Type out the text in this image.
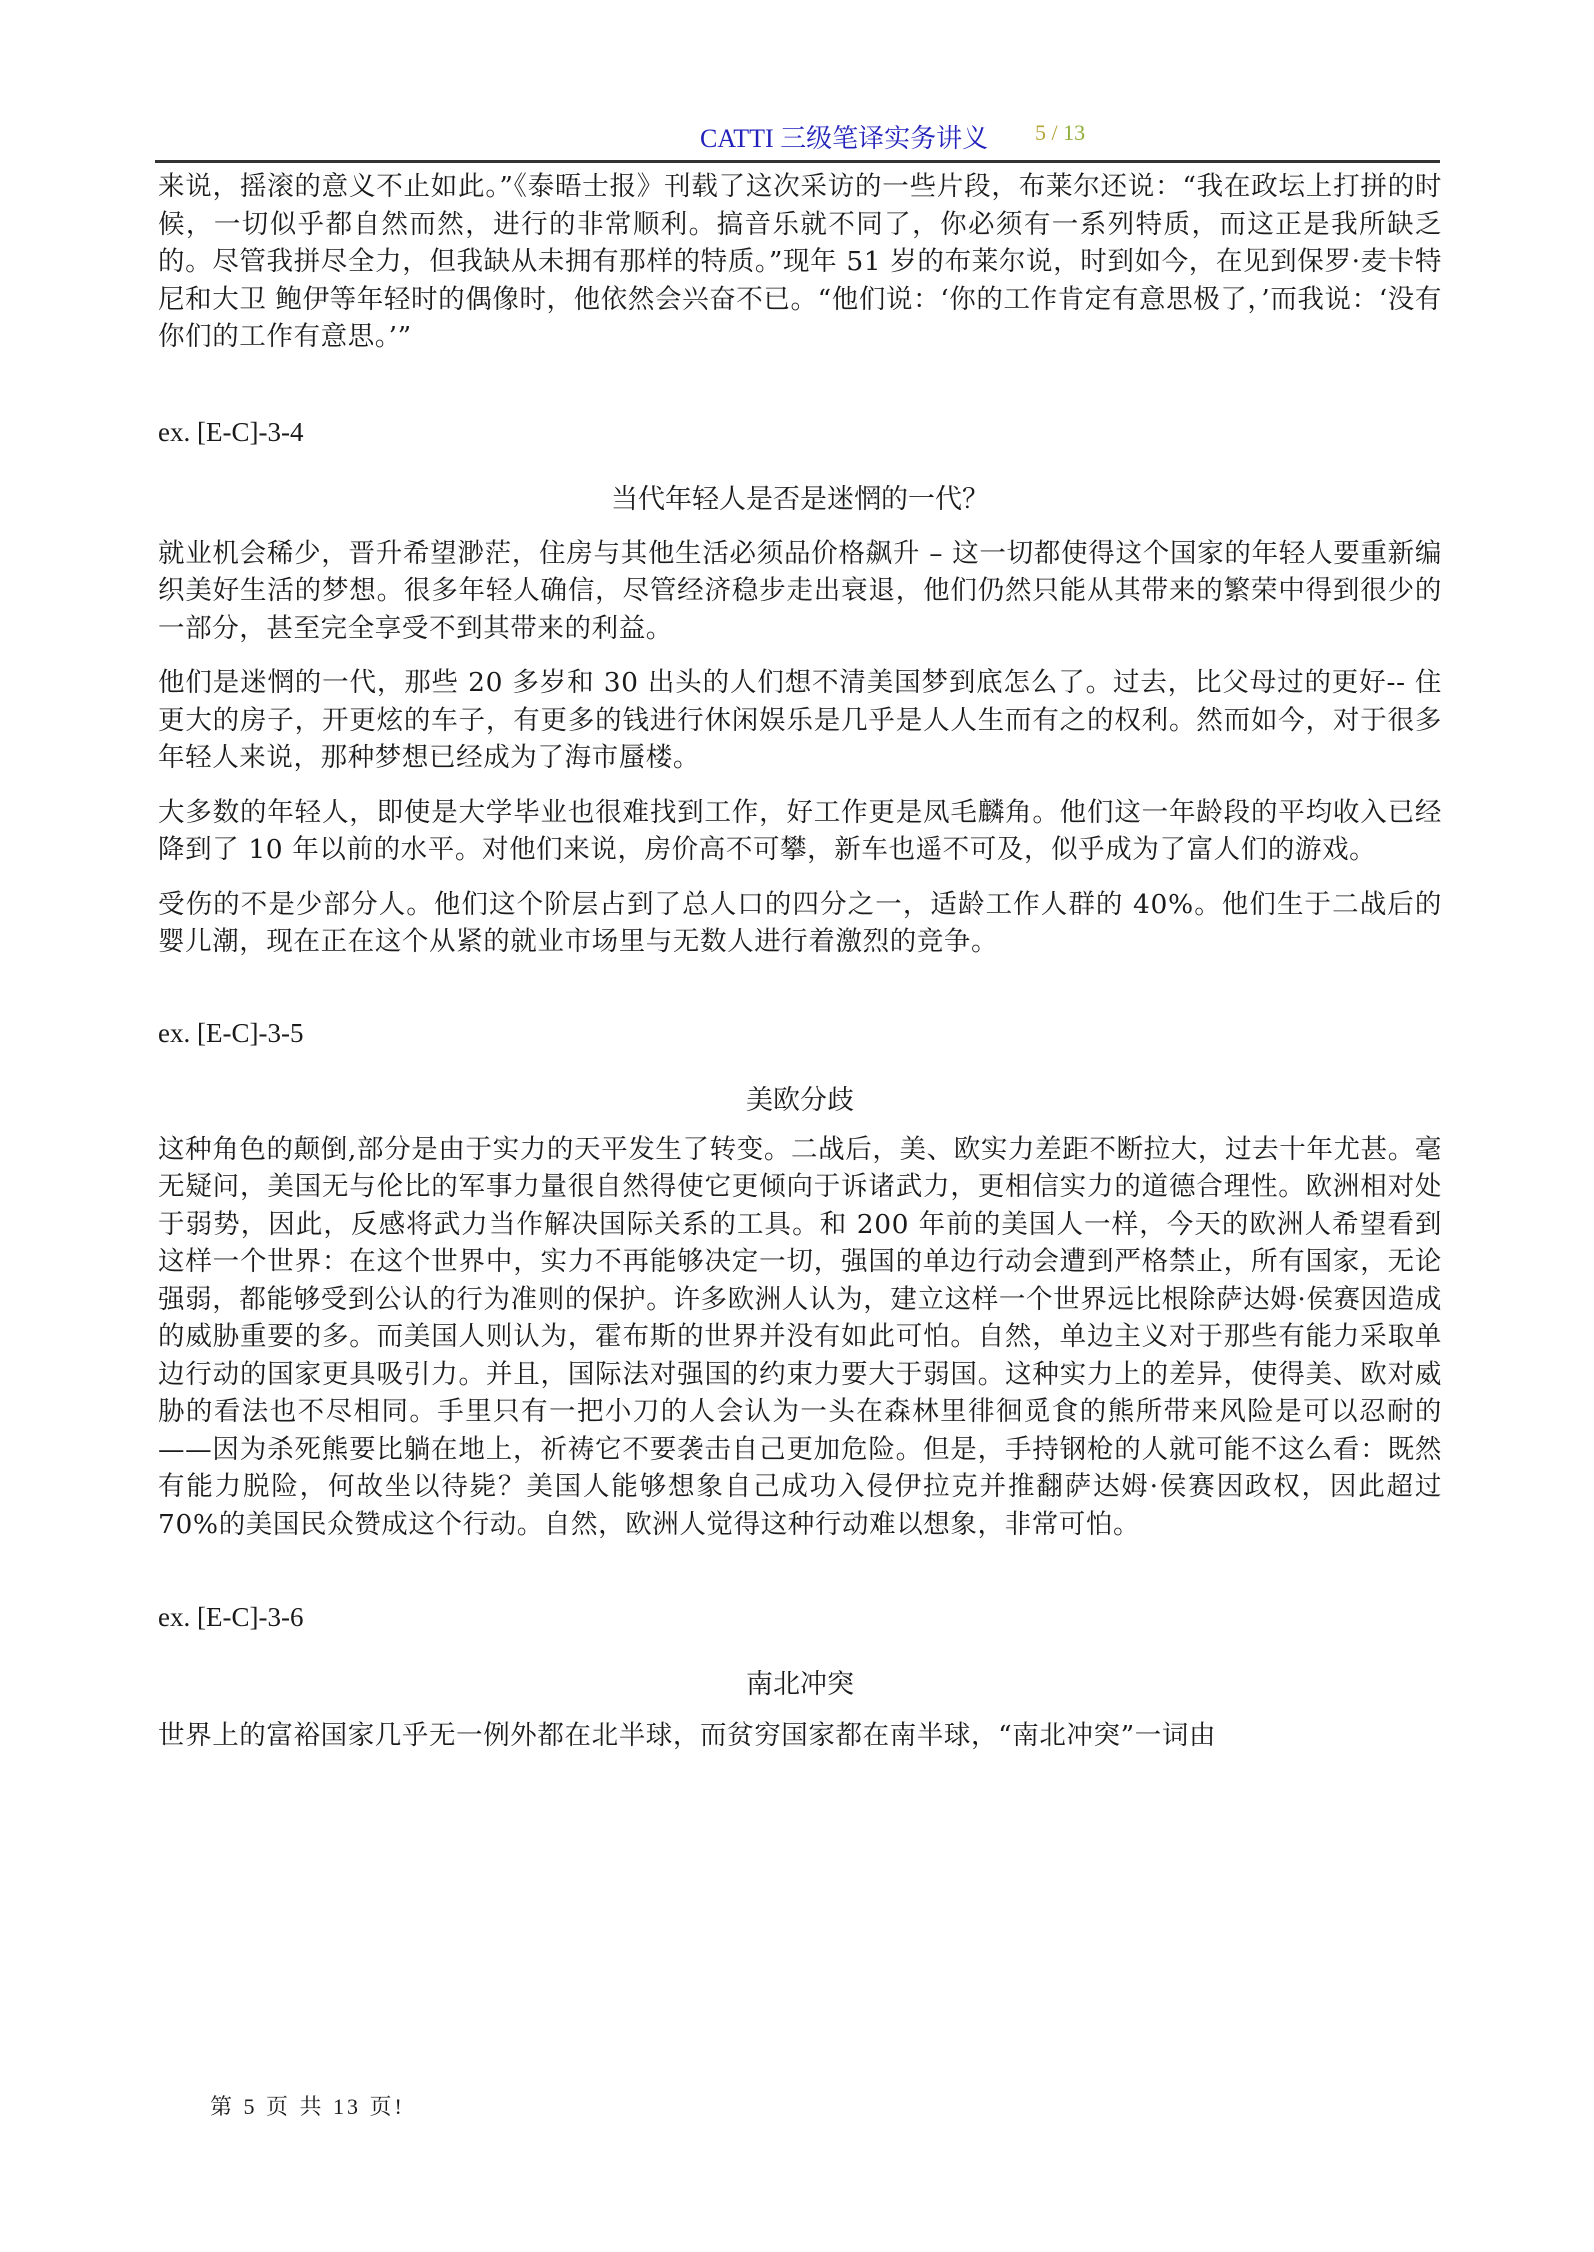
CATTI 三级笔译实务讲义 5 / 13

来说，摇滚的意义不止如此。”《泰晤士报》刊载了这次采访的一些片段，布莱尔还说：“我在政坛上打拼的时候，一切似乎都自然而然，进行的非常顺利。搞音乐就不同了，你必须有一系列特质，而这正是我所缺乏的。尽管我拼尽全力，但我缺从未拥有那样的特质。”现年 51 岁的布莱尔说，时到如今，在见到保罗·麦卡特尼和大卫 鲍伊等年轻时的偶像时，他依然会兴奋不已。“他们说：‘你的工作肯定有意思极了，’而我说：‘没有你们的工作有意思。’”

ex. [E-C]-3-4

当代年轻人是否是迷惘的一代？

就业机会稀少，晋升希望渺茫，住房与其他生活必须品价格飙升 – 这一切都使得这个国家的年轻人要重新编织美好生活的梦想。很多年轻人确信，尽管经济稳步走出衰退，他们仍然只能从其带来的繁荣中得到很少的一部分，甚至完全享受不到其带来的利益。

他们是迷惘的一代，那些 20 多岁和 30 出头的人们想不清美国梦到底怎么了。过去，比父母过的更好-- 住更大的房子，开更炫的车子，有更多的钱进行休闲娱乐是几乎是人人生而有之的权利。然而如今，对于很多年轻人来说，那种梦想已经成为了海市蜃楼。

大多数的年轻人，即使是大学毕业也很难找到工作，好工作更是凤毛麟角。他们这一年龄段的平均收入已经降到了 10 年以前的水平。对他们来说，房价高不可攀，新车也遥不可及，似乎成为了富人们的游戏。

受伤的不是少部分人。他们这个阶层占到了总人口的四分之一，适龄工作人群的 40%。他们生于二战后的婴儿潮，现在正在这个从紧的就业市场里与无数人进行着激烈的竞争。

ex. [E-C]-3-5

美欧分歧

这种角色的颠倒,部分是由于实力的天平发生了转变。二战后，美、欧实力差距不断拉大，过去十年尤甚。毫无疑问，美国无与伦比的军事力量很自然得使它更倾向于诉诸武力，更相信实力的道德合理性。欧洲相对处于弱势，因此，反感将武力当作解决国际关系的工具。和 200 年前的美国人一样，今天的欧洲人希望看到这样一个世界：在这个世界中，实力不再能够决定一切，强国的单边行动会遭到严格禁止，所有国家，无论强弱，都能够受到公认的行为准则的保护。许多欧洲人认为，建立这样一个世界远比根除萨达姆·侯赛因造成的威胁重要的多。而美国人则认为，霍布斯的世界并没有如此可怕。自然，单边主义对于那些有能力采取单边行动的国家更具吸引力。并且，国际法对强国的约束力要大于弱国。这种实力上的差异，使得美、欧对威胁的看法也不尽相同。手里只有一把小刀的人会认为一头在森林里徘徊觅食的熊所带来风险是可以忍耐的——因为杀死熊要比躺在地上，祈祷它不要袭击自己更加危险。但是，手持钢枪的人就可能不这么看：既然有能力脱险，何故坐以待毙？美国人能够想象自己成功入侵伊拉克并推翻萨达姆·侯赛因政权，因此超过 70%的美国民众赞成这个行动。自然，欧洲人觉得这种行动难以想象，非常可怕。

ex. [E-C]-3-6

南北冲突

世界上的富裕国家几乎无一例外都在北半球，而贫穷国家都在南半球，“南北冲突”一词由

第 5 页 共 13 页!
